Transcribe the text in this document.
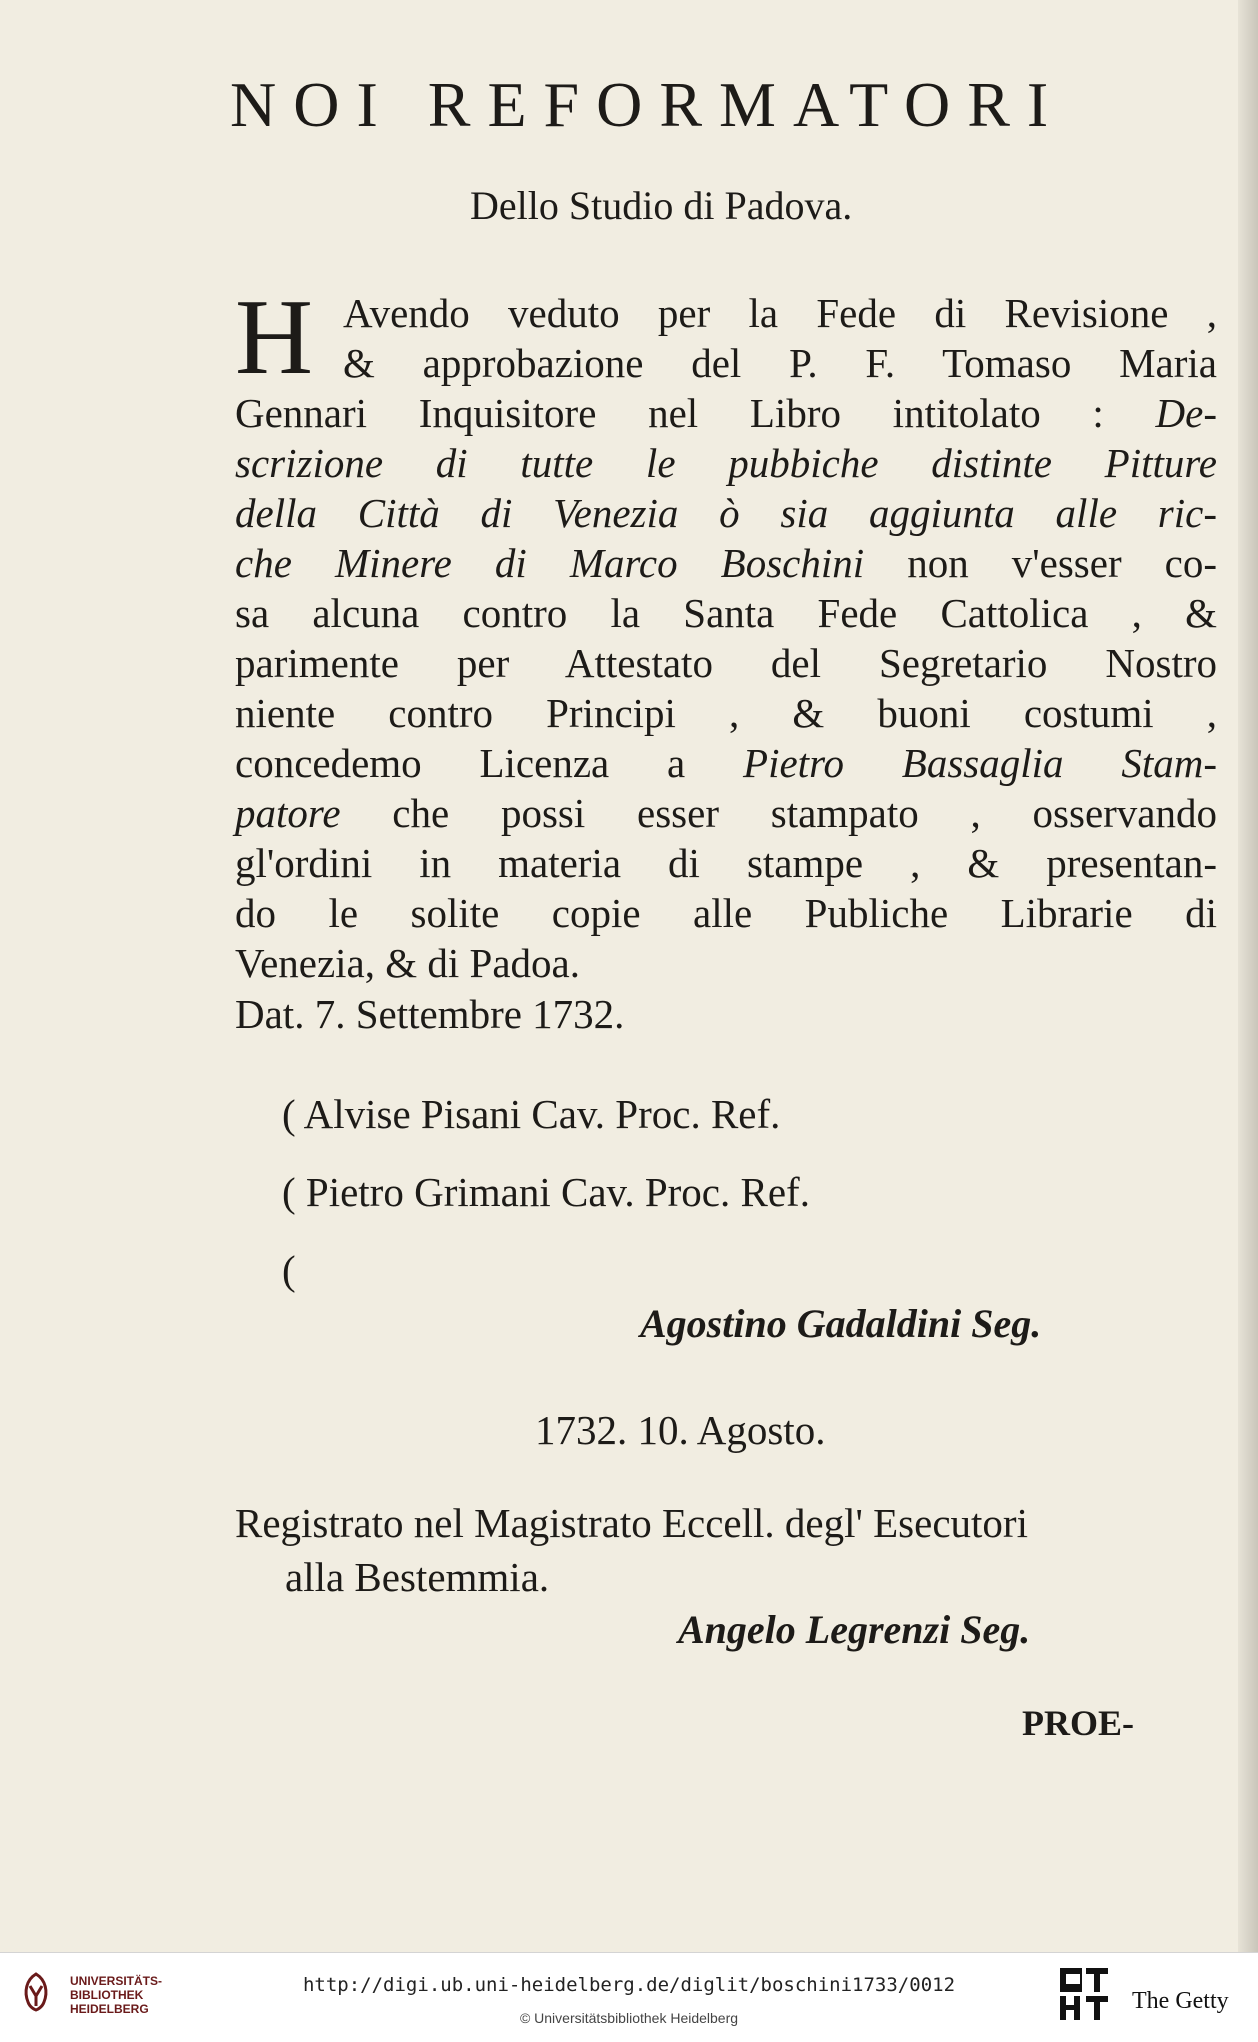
NOI REFORMATORI
Dello Studio di Padova.
H Avendo veduto per la Fede di Revisione ,
& approbazione del P. F. Tomaso Maria
Gennari Inquisitore nel Libro intitolato : De-
scrizione di tutte le pubbiche distinte Pitture
della Città di Venezia ò sia aggiunta alle ric-
che Minere di Marco Boschini non v'esser co-
sa alcuna contro la Santa Fede Cattolica , &
parimente per Attestato del Segretario Nostro
niente contro Principi , & buoni costumi ,
concedemo Licenza a Pietro Bassaglia Stam-
patore che possi esser stampato , osservando
gl'ordini in materia di stampe , & presentan-
do le solite copie alle Publiche Librarie di
Venezia, & di Padoa.
Dat. 7. Settembre 1732.
( Alvise Pisani Cav. Proc. Ref.
( Pietro Grimani Cav. Proc. Ref.
(
Agostino Gadaldini Seg.
1732. 10. Agosto.
Registrato nel Magistrato Eccell. degl' Esecutori
alla Bestemmia.
Angelo Legrenzi Seg.
PROE-
UNIVERSITÄTS-
BIBLIOTHEK
HEIDELBERG
http://digi.ub.uni-heidelberg.de/diglit/boschini1733/0012
© Universitätsbibliothek Heidelberg
The Getty
